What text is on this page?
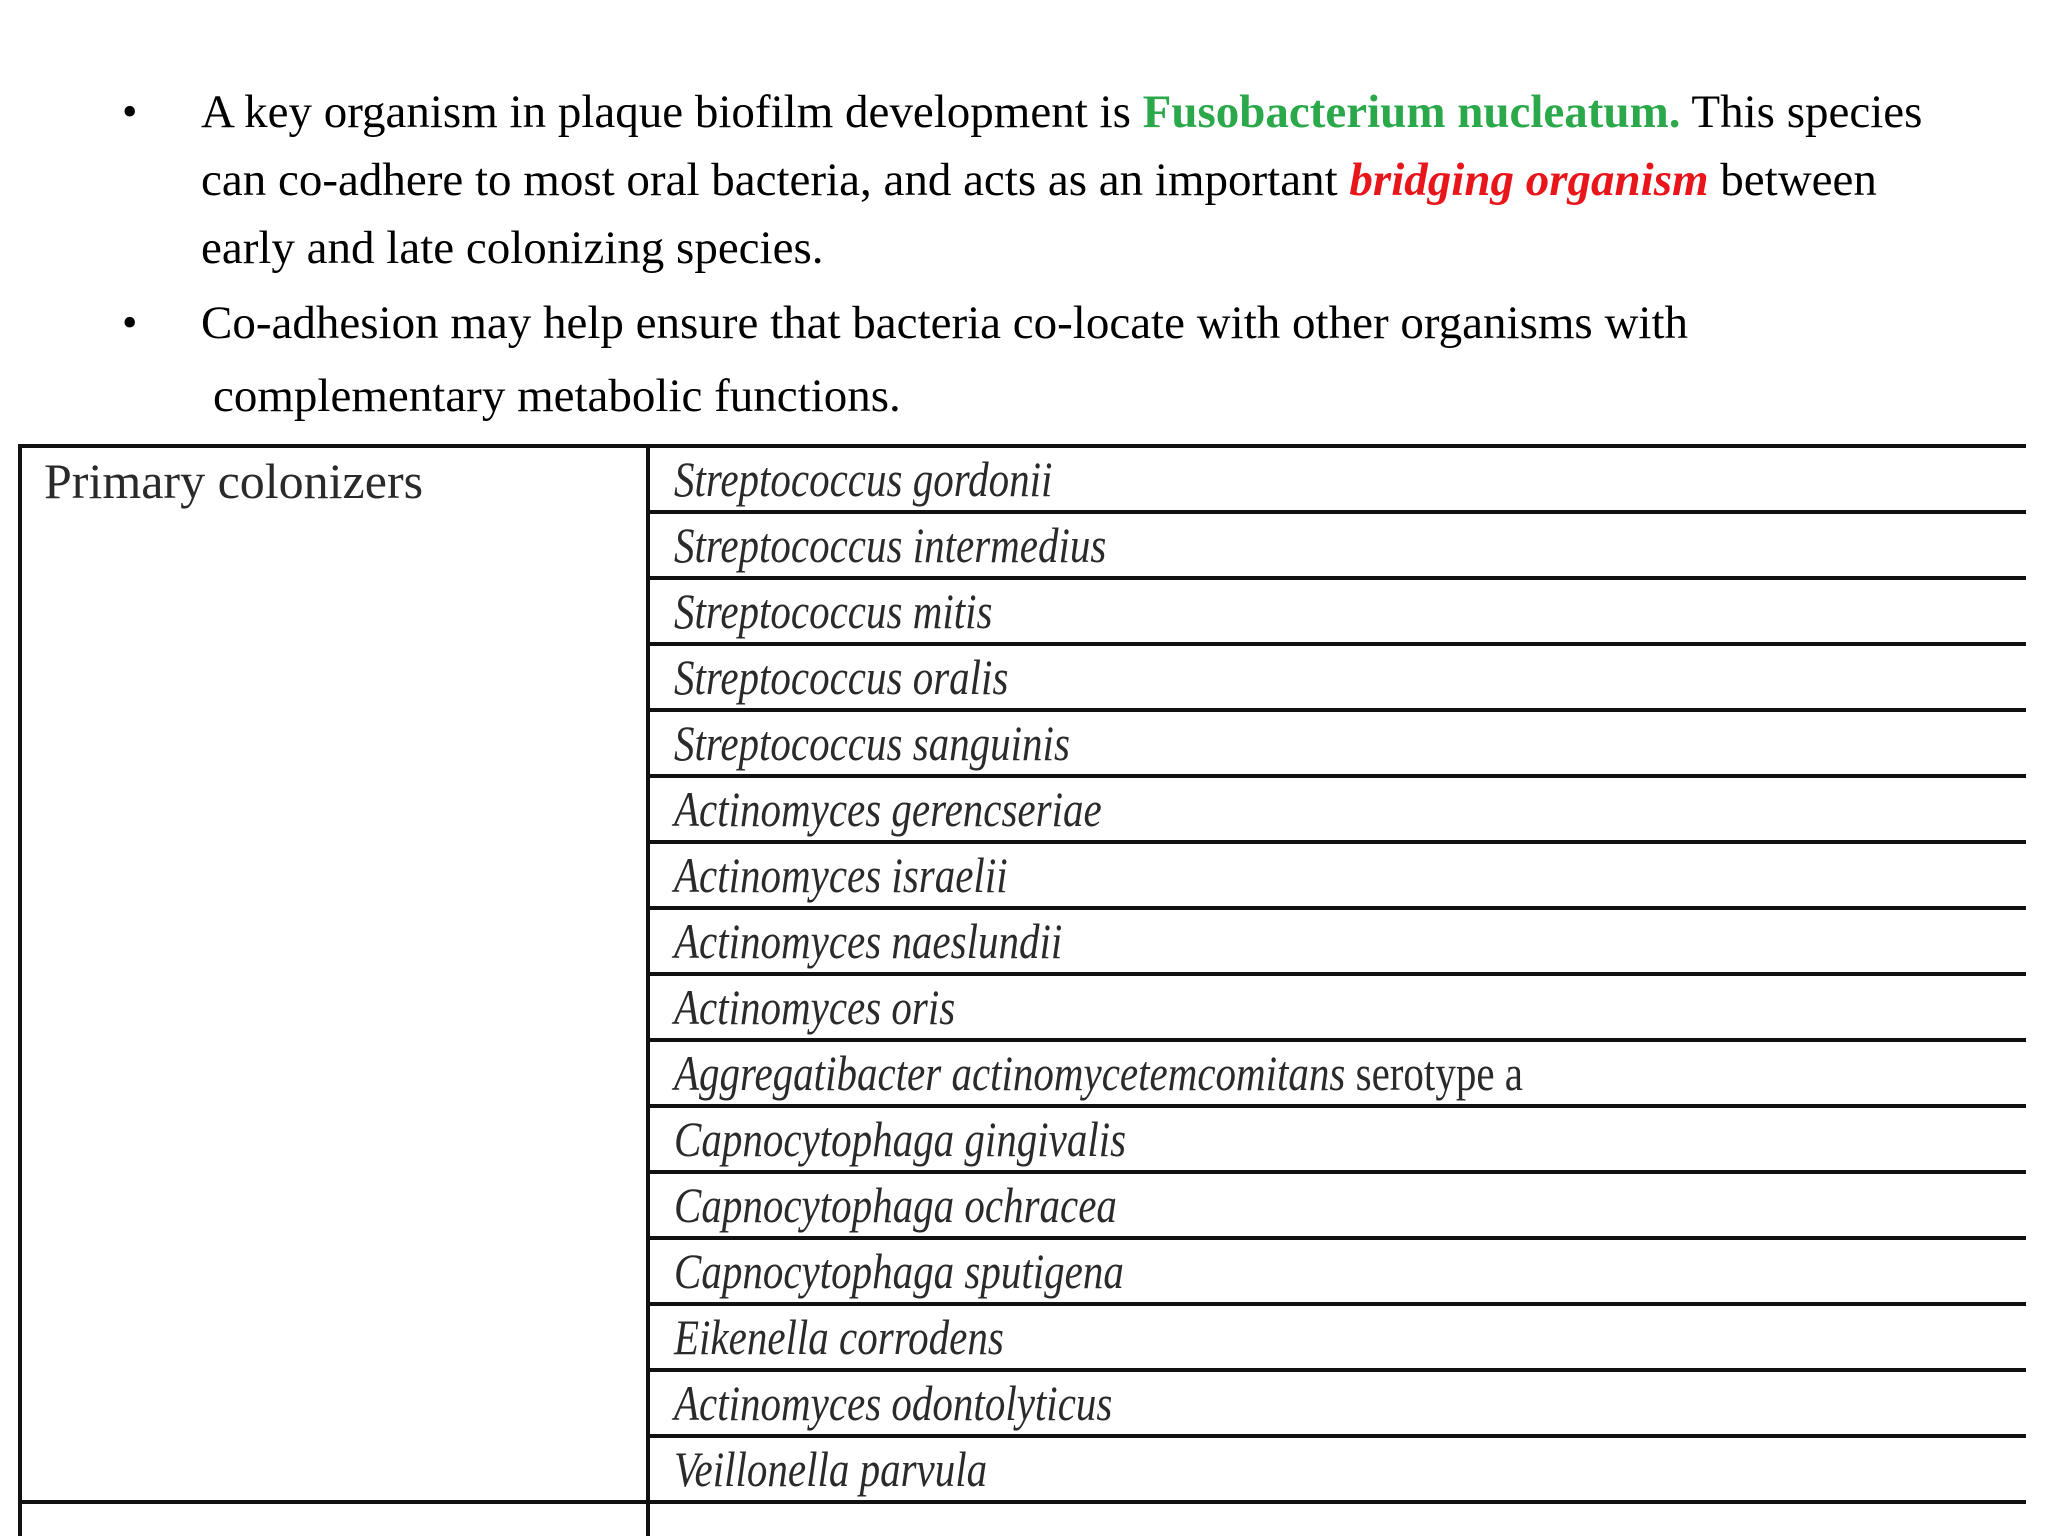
• A key organism in plaque biofilm development is Fusobacterium nucleatum. This species can co-adhere to most oral bacteria, and acts as an important bridging organism between early and late colonizing species.
• Co-adhesion may help ensure that bacteria co-locate with other organisms with
complementary metabolic functions.
Primary colonizers	Streptococcus gordonii
	Streptococcus intermedius
	Streptococcus mitis
	Streptococcus oralis
	Streptococcus sanguinis
	Actinomyces gerencseriae
	Actinomyces israelii
	Actinomyces naeslundii
	Actinomyces oris
	Aggregatibacter actinomycetemcomitans serotype a
	Capnocytophaga gingivalis
	Capnocytophaga ochracea
	Capnocytophaga sputigena
	Eikenella corrodens
	Actinomyces odontolyticus
	Veillonella parvula
